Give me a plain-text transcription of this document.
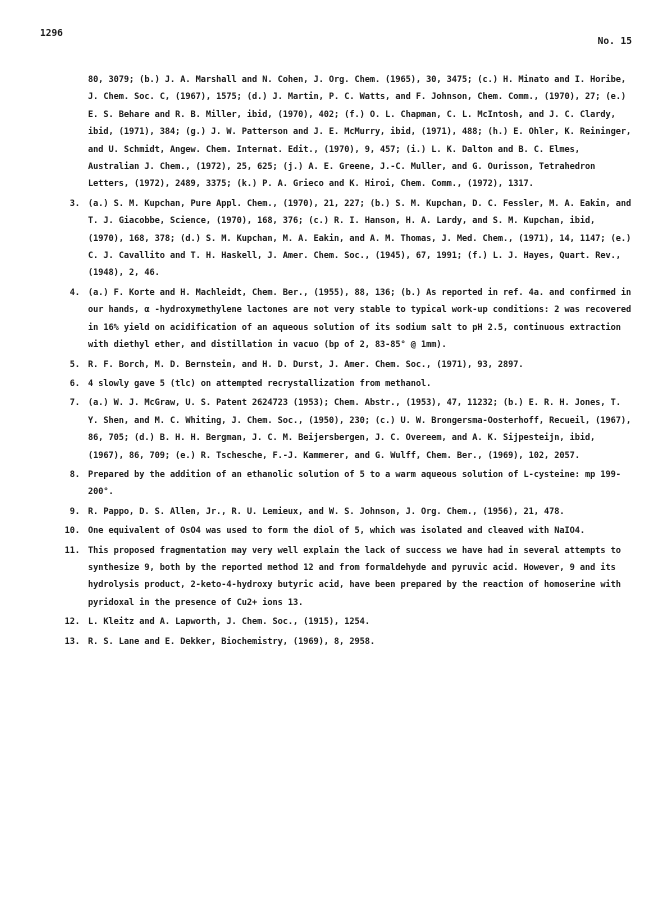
1296
No. 15
80, 3079; (b.) J. A. Marshall and N. Cohen, J. Org. Chem. (1965), 30, 3475; (c.) H. Minato and I. Horibe, J. Chem. Soc. C, (1967), 1575; (d.) J. Martin, P. C. Watts, and F. Johnson, Chem. Comm., (1970), 27; (e.) E. S. Behare and R. B. Miller, ibid, (1970), 402; (f.) O. L. Chapman, C. L. McIntosh, and J. C. Clardy, ibid, (1971), 384; (g.) J. W. Patterson and J. E. McMurry, ibid, (1971), 488; (h.) E. Ohler, K. Reininger, and U. Schmidt, Angew. Chem. Internat. Edit., (1970), 9, 457; (i.) L. K. Dalton and B. C. Elmes, Australian J. Chem., (1972), 25, 625; (j.) A. E. Greene, J.-C. Muller, and G. Ourisson, Tetrahedron Letters, (1972), 2489, 3375; (k.) P. A. Grieco and K. Hiroi, Chem. Comm., (1972), 1317.
3. (a.) S. M. Kupchan, Pure Appl. Chem., (1970), 21, 227; (b.) S. M. Kupchan, D. C. Fessler, M. A. Eakin, and T. J. Giacobbe, Science, (1970), 168, 376; (c.) R. I. Hanson, H. A. Lardy, and S. M. Kupchan, ibid, (1970), 168, 378; (d.) S. M. Kupchan, M. A. Eakin, and A. M. Thomas, J. Med. Chem., (1971), 14, 1147; (e.) C. J. Cavallito and T. H. Haskell, J. Amer. Chem. Soc., (1945), 67, 1991; (f.) L. J. Hayes, Quart. Rev., (1948), 2, 46.
4. (a.) F. Korte and H. Machleidt, Chem. Ber., (1955), 88, 136; (b.) As reported in ref. 4a. and confirmed in our hands, α -hydroxymethylene lactones are not very stable to typical work-up conditions: 2 was recovered in 16% yield on acidification of an aqueous solution of its sodium salt to pH 2.5, continuous extraction with diethyl ether, and distillation in vacuo (bp of 2, 83-85° @ 1mm).
5. R. F. Borch, M. D. Bernstein, and H. D. Durst, J. Amer. Chem. Soc., (1971), 93, 2897.
6. 4 slowly gave 5 (tlc) on attempted recrystallization from methanol.
7. (a.) W. J. McGraw, U. S. Patent 2624723 (1953); Chem. Abstr., (1953), 47, 11232; (b.) E. R. H. Jones, T. Y. Shen, and M. C. Whiting, J. Chem. Soc., (1950), 230; (c.) U. W. Brongersma-Oosterhoff, Recueil, (1967), 86, 705; (d.) B. H. H. Bergman, J. C. M. Beijersbergen, J. C. Overeem, and A. K. Sijpesteijn, ibid, (1967), 86, 709; (e.) R. Tschesche, F.-J. Kammerer, and G. Wulff, Chem. Ber., (1969), 102, 2057.
8. Prepared by the addition of an ethanolic solution of 5 to a warm aqueous solution of L-cysteine: mp 199-200°.
9. R. Pappo, D. S. Allen, Jr., R. U. Lemieux, and W. S. Johnson, J. Org. Chem., (1956), 21, 478.
10. One equivalent of OsO4 was used to form the diol of 5, which was isolated and cleaved with NaIO4.
11. This proposed fragmentation may very well explain the lack of success we have had in several attempts to synthesize 9, both by the reported method 12 and from formaldehyde and pyruvic acid. However, 9 and its hydrolysis product, 2-keto-4-hydroxy butyric acid, have been prepared by the reaction of homoserine with pyridoxal in the presence of Cu2+ ions 13.
12. L. Kleitz and A. Lapworth, J. Chem. Soc., (1915), 1254.
13. R. S. Lane and E. Dekker, Biochemistry, (1969), 8, 2958.
